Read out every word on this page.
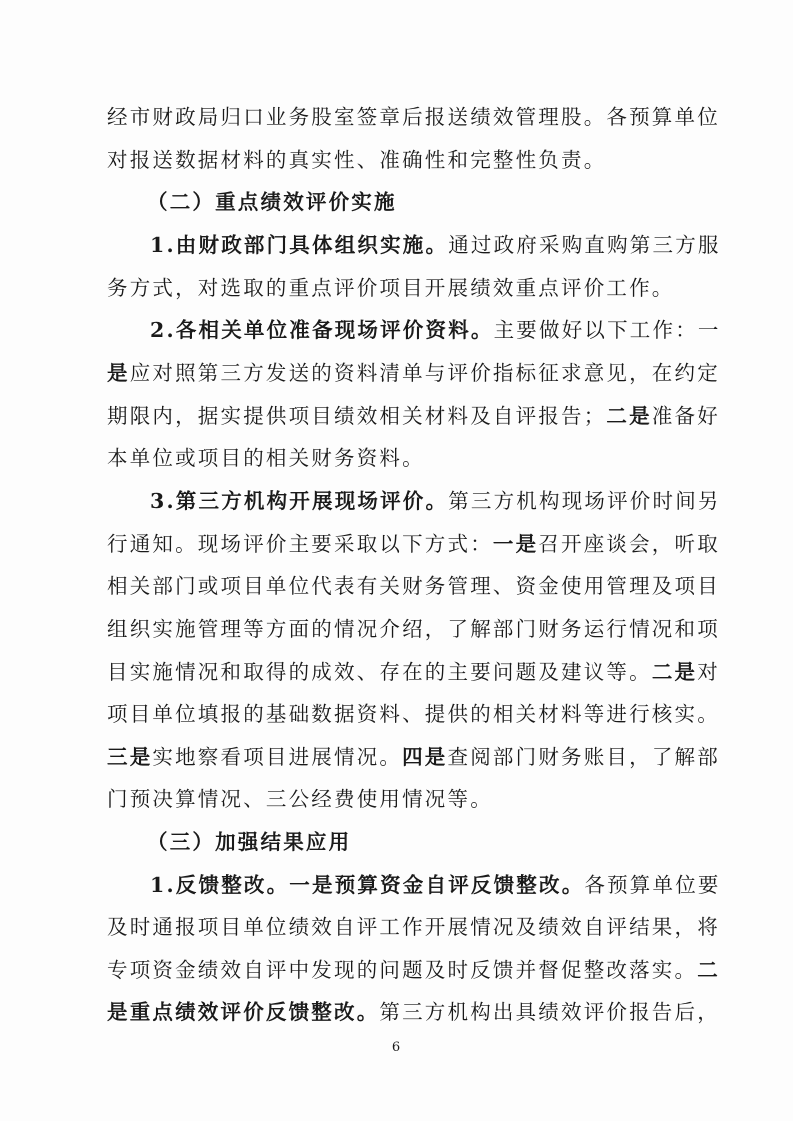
经市财政局归口业务股室签章后报送绩效管理股。各预算单位
对报送数据材料的真实性、准确性和完整性负责。
（二）重点绩效评价实施
1.由财政部门具体组织实施。通过政府采购直购第三方服
务方式，对选取的重点评价项目开展绩效重点评价工作。
2.各相关单位准备现场评价资料。主要做好以下工作：一
是应对照第三方发送的资料清单与评价指标征求意见，在约定
期限内，据实提供项目绩效相关材料及自评报告；二是准备好
本单位或项目的相关财务资料。
3.第三方机构开展现场评价。第三方机构现场评价时间另
行通知。现场评价主要采取以下方式：一是召开座谈会，听取
相关部门或项目单位代表有关财务管理、资金使用管理及项目
组织实施管理等方面的情况介绍，了解部门财务运行情况和项
目实施情况和取得的成效、存在的主要问题及建议等。二是对
项目单位填报的基础数据资料、提供的相关材料等进行核实。
三是实地察看项目进展情况。四是查阅部门财务账目，了解部
门预决算情况、三公经费使用情况等。
（三）加强结果应用
1.反馈整改。一是预算资金自评反馈整改。各预算单位要
及时通报项目单位绩效自评工作开展情况及绩效自评结果，将
专项资金绩效自评中发现的问题及时反馈并督促整改落实。二
是重点绩效评价反馈整改。第三方机构出具绩效评价报告后，
6
